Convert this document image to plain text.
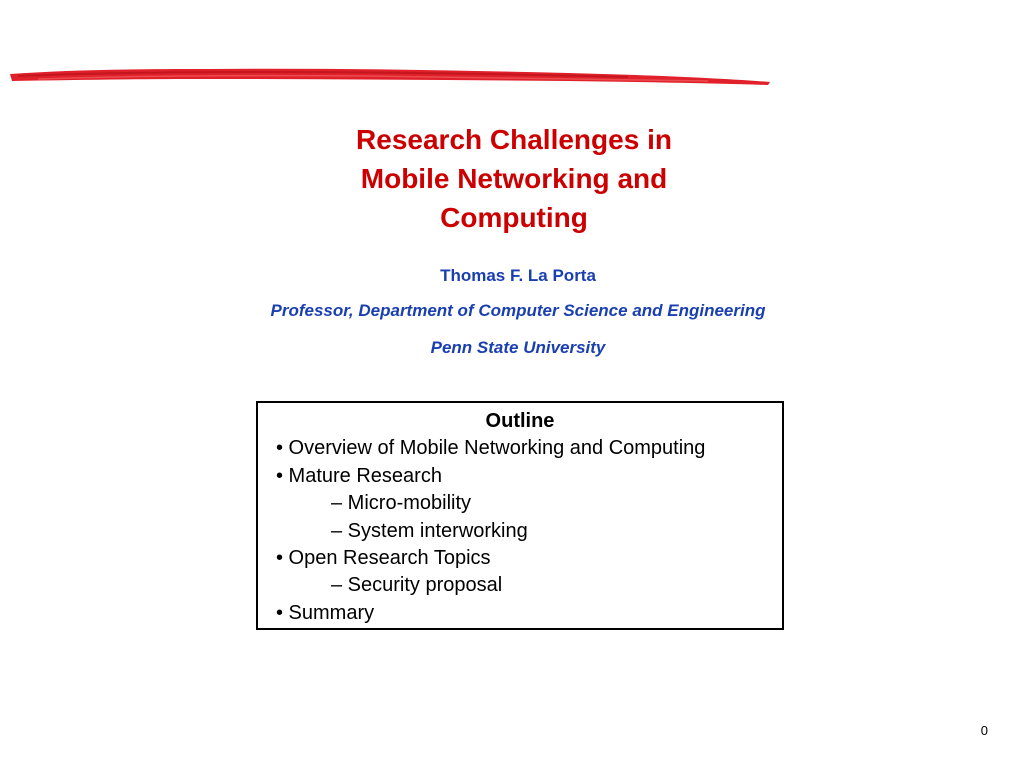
Research Challenges in
Mobile Networking and
Computing
Thomas F. La Porta
Professor, Department of Computer Science and Engineering
Penn State University
Outline
• Overview of Mobile Networking and Computing
• Mature Research
– Micro-mobility
– System interworking
• Open Research Topics
– Security proposal
• Summary
0
